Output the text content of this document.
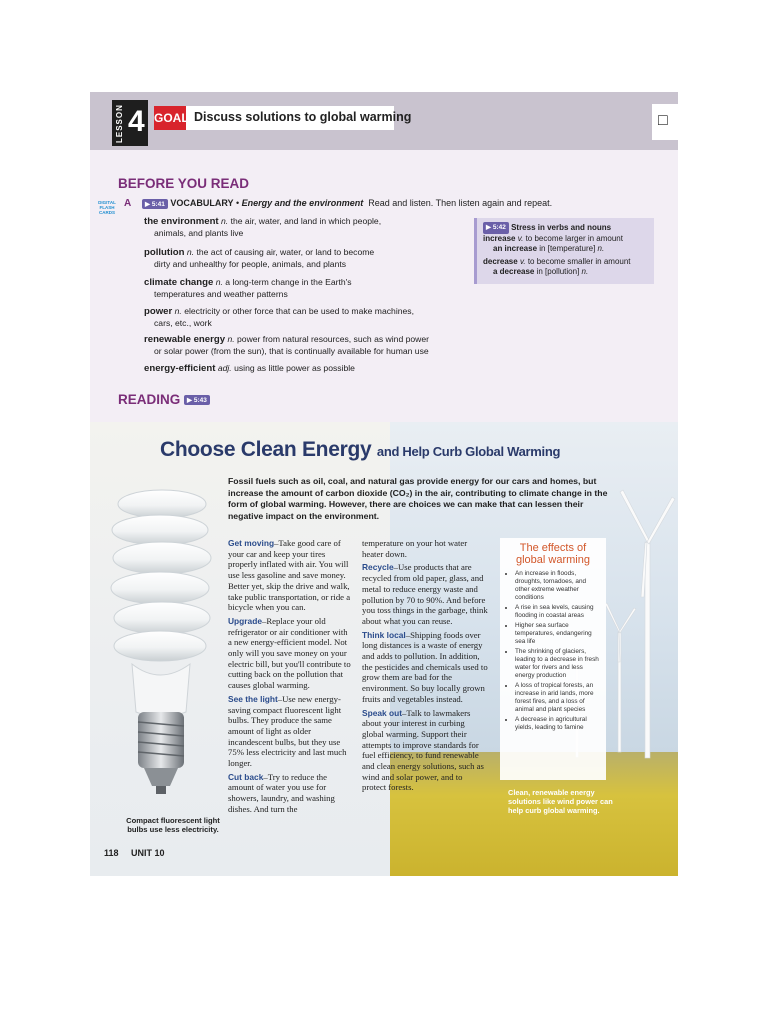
LESSON 4 GOAL Discuss solutions to global warming	□
BEFORE YOU READ
DIGITAL FLASH CARDS
A	▶ 5:41 VOCABULARY • Energy and the environment Read and listen. Then listen again and repeat.
the environment n. the air, water, and land in which people,
animals, and plants live
pollution n. the act of causing air, water, or land to become
dirty and unhealthy for people, animals, and plants
climate change n. a long-term change in the Earth's
temperatures and weather patterns
power n. electricity or other force that can be used to make machines,
cars, etc., work
renewable energy n. power from natural resources, such as wind power
or solar power (from the sun), that is continually available for human use
energy-efficient adj. using as little power as possible
▶ 5:42 Stress in verbs and nouns
increase v. to become larger in amount
an increase in [temperature] n.
decrease v. to become smaller in amount
a decrease in [pollution] n.
READING ▶ 5:43
Choose Clean Energy and Help Curb Global Warming
Fossil fuels such as oil, coal, and natural gas provide energy for our cars and homes, but increase the amount of carbon dioxide (CO₂) in the air, contributing to climate change in the form of global warming. However, there are choices we can make that can lessen their negative impact on the environment.
Get moving–Take good care of your car and keep your tires properly inflated with air. You will use less gasoline and save money. Better yet, skip the drive and walk, take public transportation, or ride a bicycle when you can.
Upgrade–Replace your old refrigerator or air conditioner with a new energy-efficient model. Not only will you save money on your electric bill, but you'll contribute to cutting back on the pollution that causes global warming.
See the light–Use new energy-saving compact fluorescent light bulbs. They produce the same amount of light as older incandescent bulbs, but they use 75% less electricity and last much longer.
Cut back–Try to reduce the amount of water you use for showers, laundry, and washing dishes. And turn the
temperature on your hot water heater down.
Recycle–Use products that are recycled from old paper, glass, and metal to reduce energy waste and pollution by 70 to 90%. And before you toss things in the garbage, think about what you can reuse.
Think local–Shipping foods over long distances is a waste of energy and adds to pollution. In addition, the pesticides and chemicals used to grow them are bad for the environment. So buy locally grown fruits and vegetables instead.
Speak out–Talk to lawmakers about your interest in curbing global warming. Support their attempts to improve standards for fuel efficiency, to fund renewable and clean energy solutions, such as wind and solar power, and to protect forests.
The effects of global warming
• An increase in floods, droughts, tornadoes, and other extreme weather conditions
• A rise in sea levels, causing flooding in coastal areas
• Higher sea surface temperatures, endangering sea life
• The shrinking of glaciers, leading to a decrease in fresh water for rivers and less energy production
• A loss of tropical forests, an increase in arid lands, more forest fires, and a loss of animal and plant species
• A decrease in agricultural yields, leading to famine
Clean, renewable energy solutions like wind power can help curb global warming.
Compact fluorescent light bulbs use less electricity.
118 UNIT 10
